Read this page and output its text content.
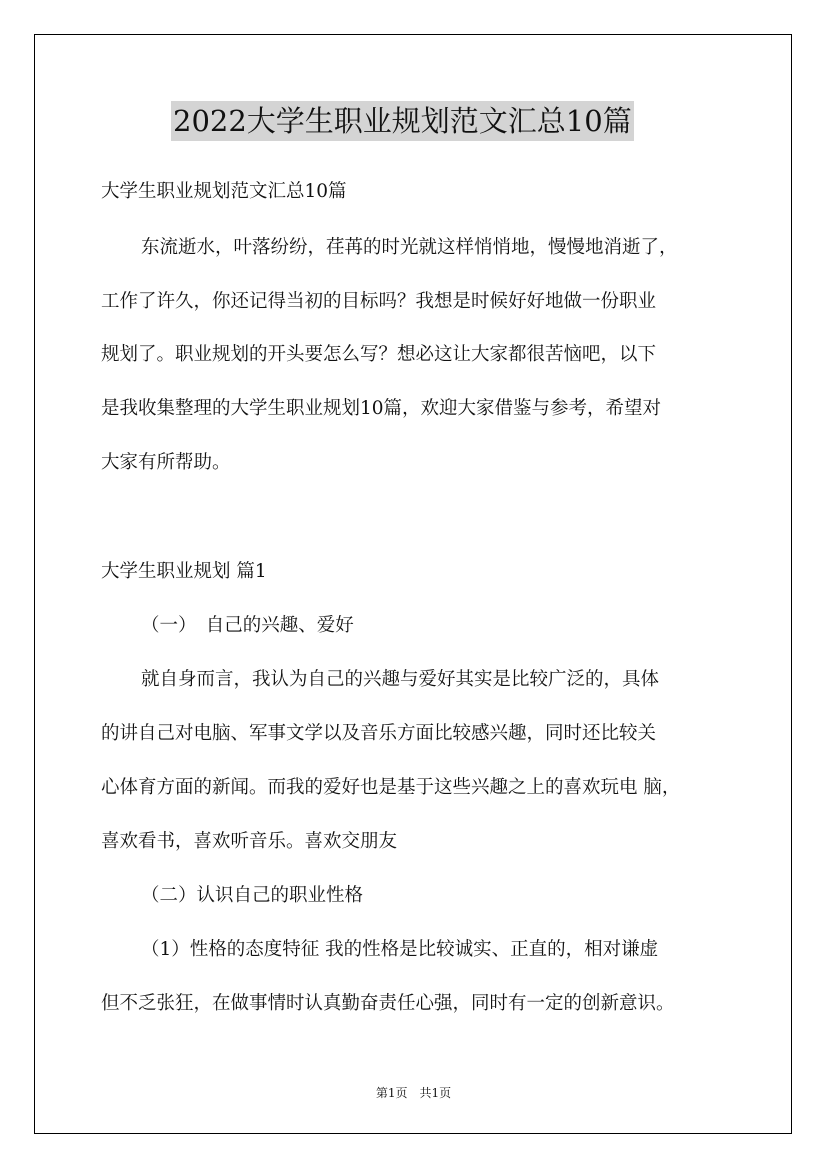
2022大学生职业规划范文汇总10篇
大学生职业规划范文汇总10篇
东流逝水，叶落纷纷，荏苒的时光就这样悄悄地，慢慢地消逝了，
工作了许久，你还记得当初的目标吗？我想是时候好好地做一份职业
规划了。职业规划的开头要怎么写？想必这让大家都很苦恼吧，以下
是我收集整理的大学生职业规划10篇，欢迎大家借鉴与参考，希望对
大家有所帮助。
大学生职业规划 篇1
（一）　自己的兴趣、爱好
就自身而言，我认为自己的兴趣与爱好其实是比较广泛的，具体
的讲自己对电脑、军事文学以及音乐方面比较感兴趣，同时还比较关
心体育方面的新闻。而我的爱好也是基于这些兴趣之上的喜欢玩电 脑，
喜欢看书，喜欢听音乐。喜欢交朋友
（二）认识自己的职业性格
（1）性格的态度特征 我的性格是比较诚实、正直的，相对谦虚
但不乏张狂，在做事情时认真勤奋责任心强，同时有一定的创新意识。
第1页　共1页
